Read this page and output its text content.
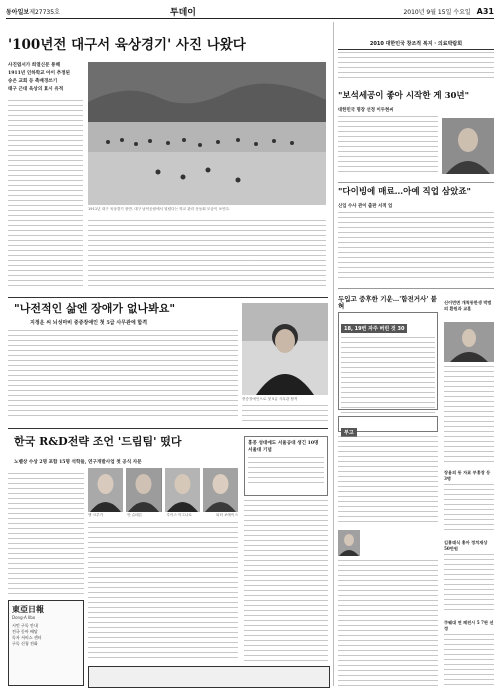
동아일보 제27735호	투데이	2010년 9월 15일 수요일 A31
'100년전 대구서 육상경기' 사진 나왔다
사진엽서가 희열신문 통해
1911년 인하학교 아이 추정된
숭은 교회 등 촉배경쓰기
태구 근대 육상의 효시 유적
1911년 대구 육상경기 장면. 대구 남덕공원에서 열렸다는 학교 관리 운동회 모습이 보인다.
"나전적인 삶엔 장애가 없나봐요"
지정운 씨 뇌성마비 중증장애인 첫 5급 사무관에 합격
중증장애인으로 첫 5급 사무관 합격
한국 R&D전략 조언 '드림팀' 떴다
노벨상 수상 2명 포함 15명 석학들, 연구개발사업 첫 공식 자문
앤 크루거	안 슈테른	루이스 이그나로	피터 보에이스
홍콩 성대에도 서울공대 생긴 10명 서울대 기념
東亞日報
Dong-A Ilbo
시민 구독 안내
전국 동아 배달
독자 서비스 센터
구독 신청 전화
2010 대한민국 창조적 복지 · 의료박람회
"보석세공이 좋아 시작한 게 30년"
대한민국 명장 선정 이두현씨
"다이빙에 매료…아예 직업 삼았죠"
신입 수사 관이 출판 서적 업
두입고 중후한 기운…'함전거사' 붙혀
18, 19번 자주 버린 것 30
신이번면 개척동한생 박범의 환원과 교훈
부고
장용의 동 자료 부흥장 등 3명
김홍태식 홍아 정치재상 50만원
쿠웨대 연 패전시 5 7판 선정
